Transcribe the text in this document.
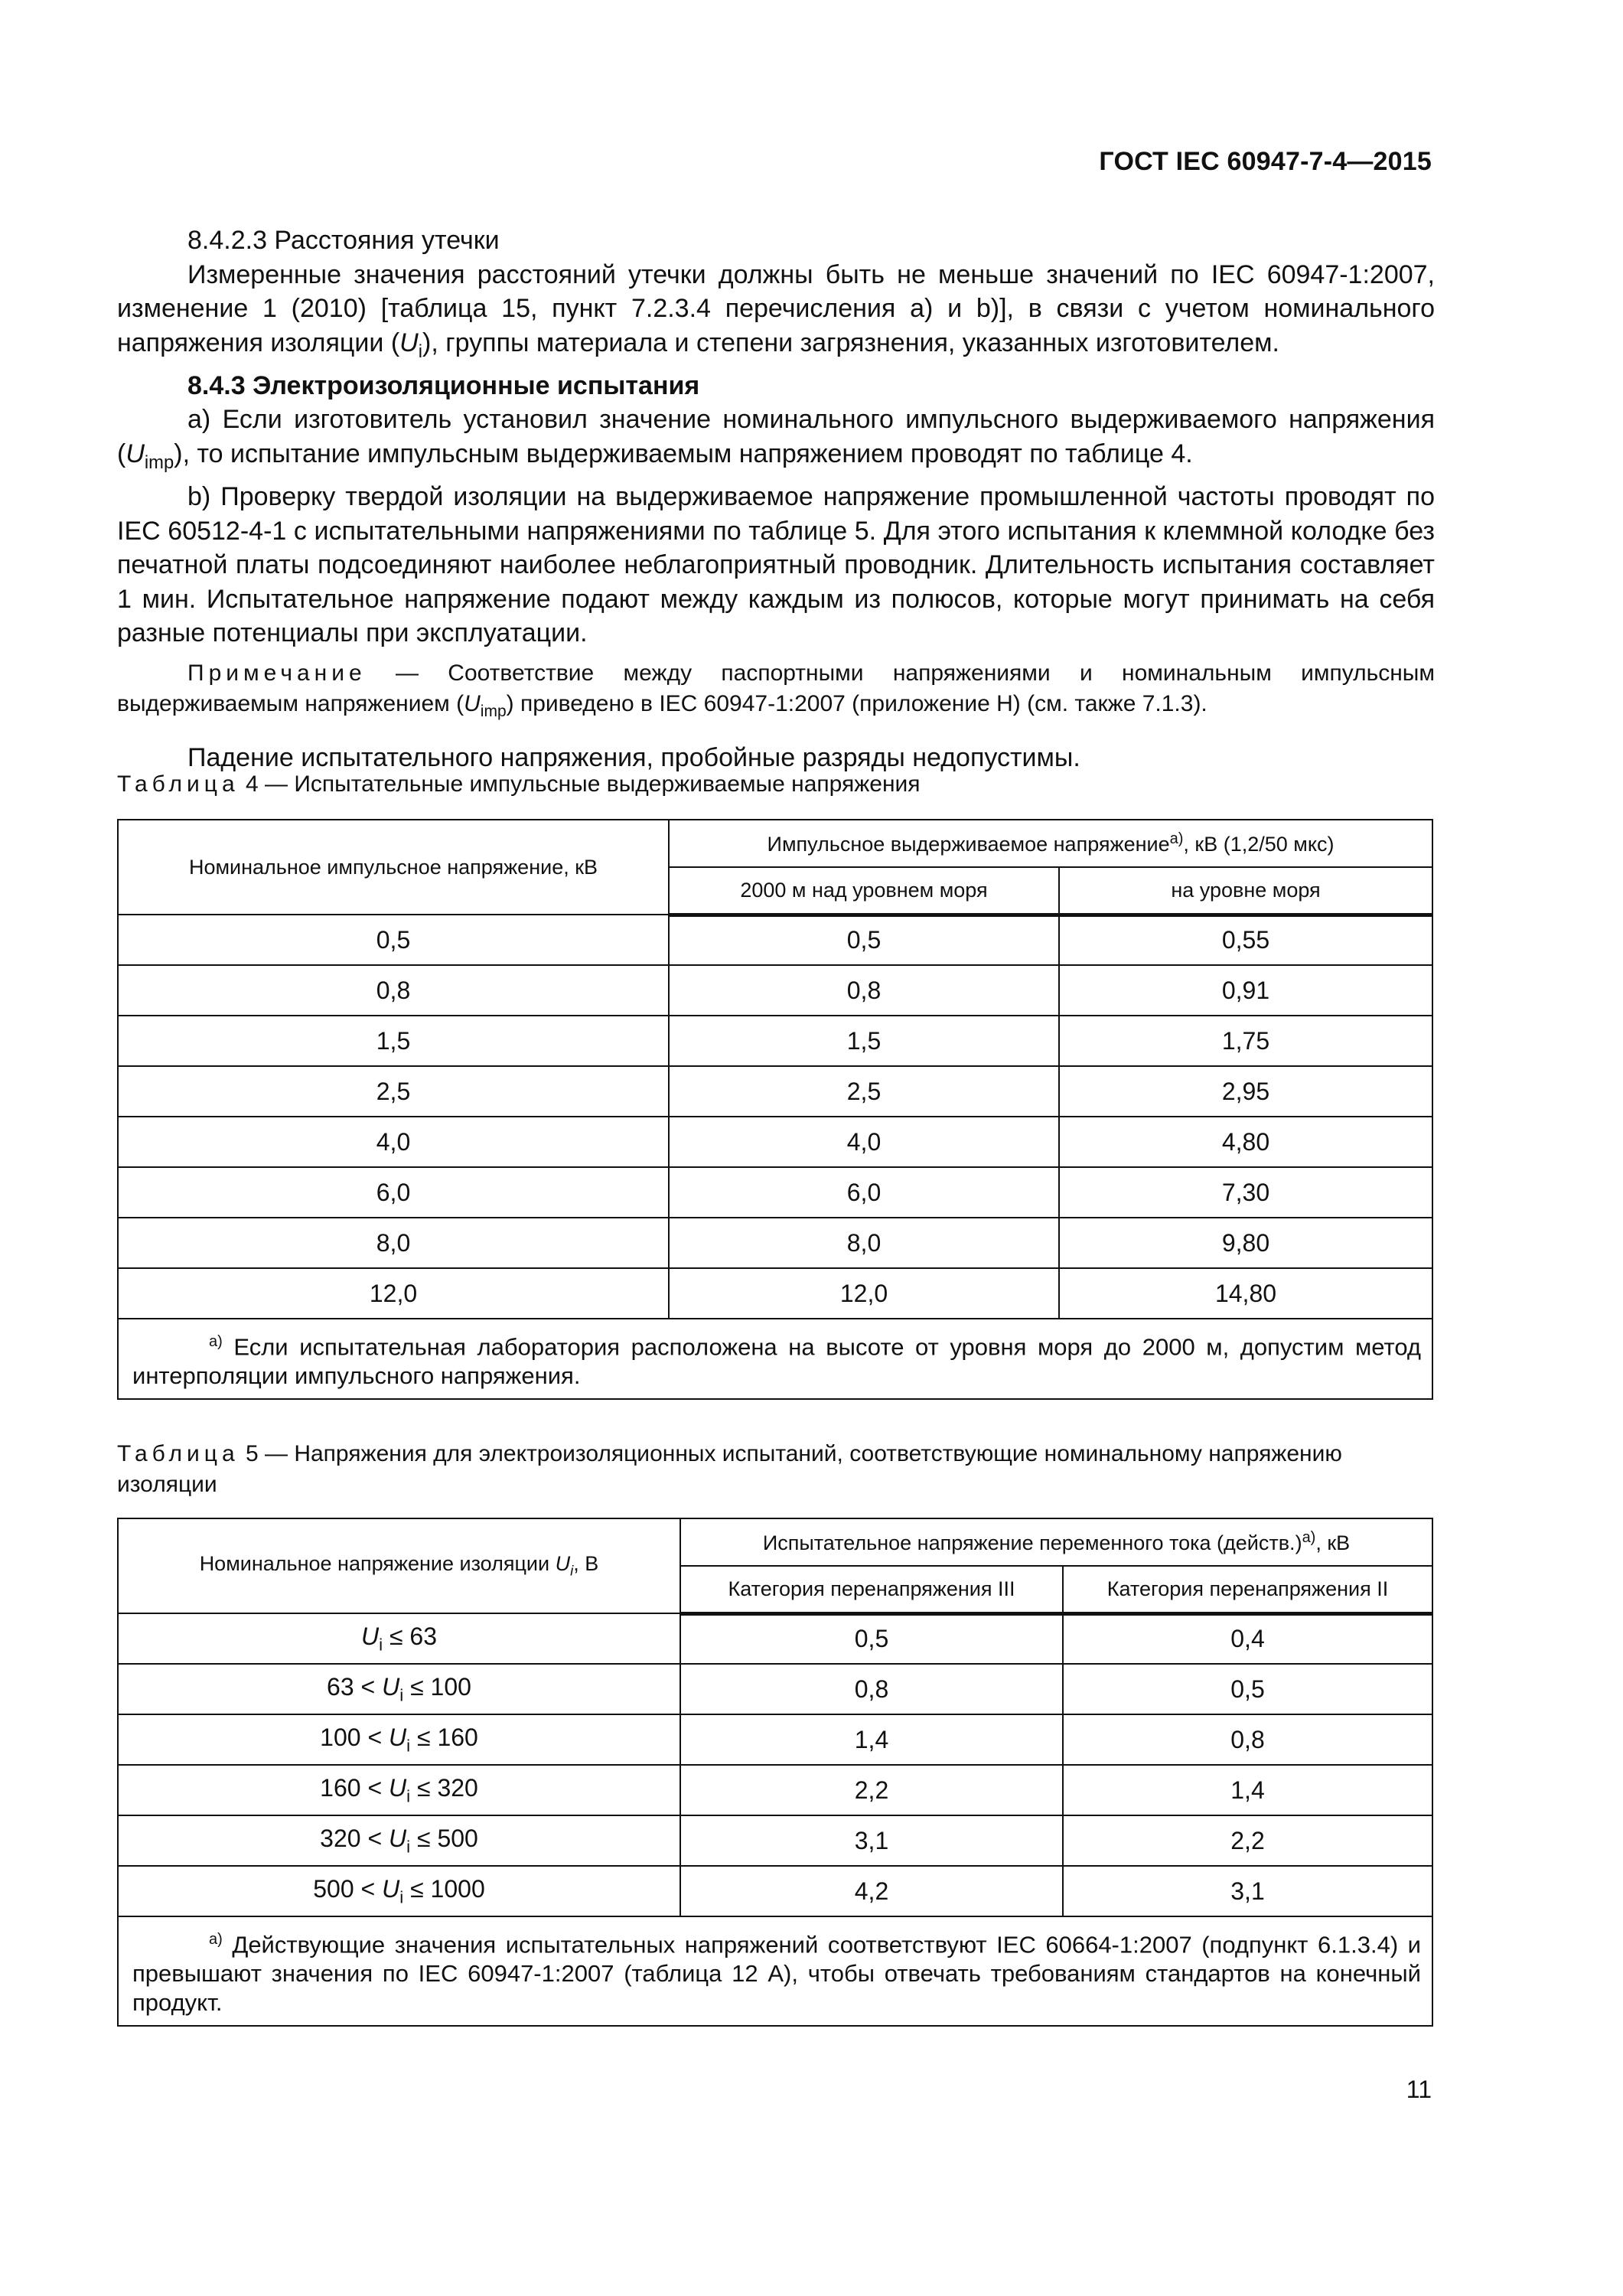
ГОСТ IEC 60947-7-4—2015

8.4.2.3 Расстояния утечки

Измеренные значения расстояний утечки должны быть не меньше значений по IEC 60947-1:2007, изменение 1 (2010) [таблица 15, пункт 7.2.3.4 перечисления а) и b)], в связи с учетом номинального напряжения изоляции $(U_i)$, группы материала и степени загрязнения, указанных изготовителем.

8.4.3 Электроизоляционные испытания

а) Если изготовитель установил значение номинального импульсного выдерживаемого напряжения $(U_{imp})$, то испытание импульсным выдерживаемым напряжением проводят по таблице 4.

b) Проверку твердой изоляции на выдерживаемое напряжение промышленной частоты проводят по IEC 60512-4-1 с испытательными напряжениями по таблице 5. Для этого испытания к клеммной колодке без печатной платы подсоединяют наиболее неблагоприятный проводник. Длительность испытания составляет 1 мин. Испытательное напряжение подают между каждым из полюсов, которые могут принимать на себя разные потенциалы при эксплуатации.

Примечание — Соответствие между паспортными напряжениями и номинальным импульсным выдерживаемым напряжением $(U_{imp})$ приведено в IEC 60947-1:2007 (приложение Н) (см. также 7.1.3).

Падение испытательного напряжения, пробойные разряды недопустимы.

Таблица 4 — Испытательные импульсные выдерживаемые напряжения
Номинальное импульсное напряжение, кВ	Импульсное выдерживаемое напряжение$^{а)}$, кВ (1,2/50 мкс)	
	2000 м над уровнем моря	на уровне моря
0,5	0,5	0,55
0,8	0,8	0,91
1,5	1,5	1,75
2,5	2,5	2,95
4,0	4,0	4,80
6,0	6,0	7,30
8,0	8,0	9,80
12,0	12,0	14,80
$^{а)}$ Если испытательная лаборатория расположена на высоте от уровня моря до 2000 м, допустим метод интерполяции импульсного напряжения.		
Таблица 5 — Напряжения для электроизоляционных испытаний, соответствующие номинальному напряжению изоляции
Номинальное напряжение изоляции $U_i$, В	Испытательное напряжение переменного тока (действ.)$^{а)}$, кВ	
	Категория перенапряжения III	Категория перенапряжения II
$U_i \le 63$	0,5	0,4
$63 < U_i \le 100$	0,8	0,5
$100 < U_i \le 160$	1,4	0,8
$160 < U_i \le 320$	2,2	1,4
$320 < U_i \le 500$	3,1	2,2
$500 < U_i \le 1000$	4,2	3,1
$^{а)}$ Действующие значения испытательных напряжений соответствуют IEC 60664-1:2007 (подпункт 6.1.3.4) и превышают значения по IEC 60947-1:2007 (таблица 12 А), чтобы отвечать требованиям стандартов на конечный продукт.		
11
